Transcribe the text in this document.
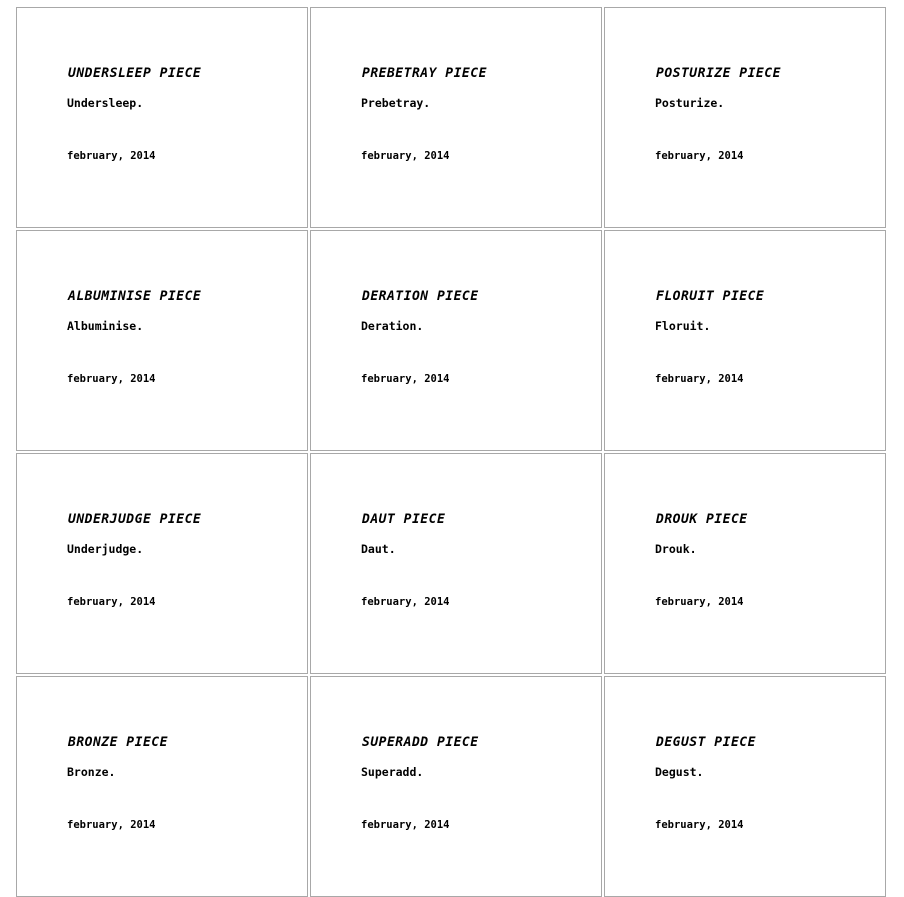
UNDERSLEEP PIECE
Undersleep.
february, 2014
PREBETRAY PIECE
Prebetray.
february, 2014
POSTURIZE PIECE
Posturize.
february, 2014
ALBUMINISE PIECE
Albuminise.
february, 2014
DERATION PIECE
Deration.
february, 2014
FLORUIT PIECE
Floruit.
february, 2014
UNDERJUDGE PIECE
Underjudge.
february, 2014
DAUT PIECE
Daut.
february, 2014
DROUK PIECE
Drouk.
february, 2014
BRONZE PIECE
Bronze.
february, 2014
SUPERADD PIECE
Superadd.
february, 2014
DEGUST PIECE
Degust.
february, 2014
